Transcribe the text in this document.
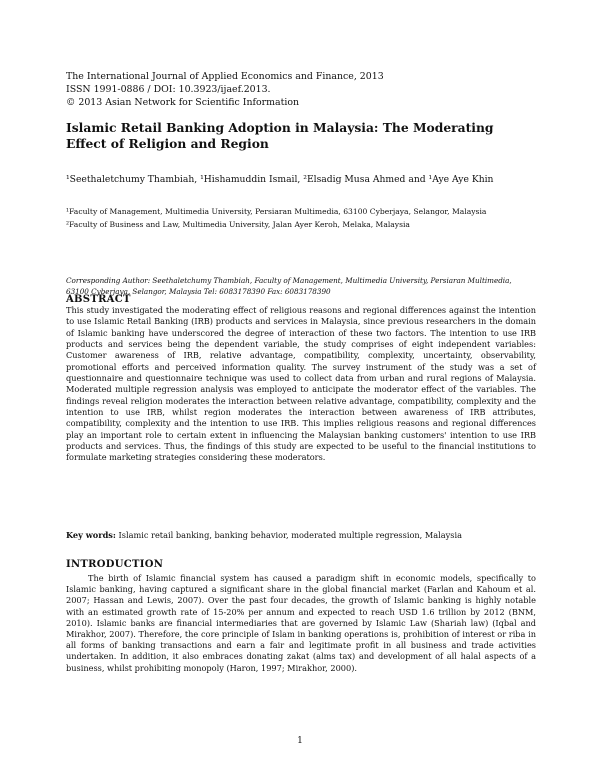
The International Journal of Applied Economics and Finance, 2013
ISSN 1991-0886 / DOI: 10.3923/ijaef.2013.
© 2013 Asian Network for Scientific Information
Islamic Retail Banking Adoption in Malaysia: The Moderating Effect of Religion and Region
¹Seethaletchumy Thambiah, ¹Hishamuddin Ismail, ²Elsadig Musa Ahmed and ¹Aye Aye Khin

¹Faculty of Management, Multimedia University, Persiaran Multimedia, 63100 Cyberjaya, Selangor, Malaysia

²Faculty of Business and Law, Multimedia University, Jalan Ayer Keroh, Melaka, Malaysia

Corresponding Author: Seethaletchumy Thambiah, Faculty of Management, Multimedia University, Persiaran Multimedia, 63100 Cyberjaya, Selangor, Malaysia Tel: 6083178390 Fax: 6083178390
ABSTRACT
This study investigated the moderating effect of religious reasons and regional differences against the intention to use Islamic Retail Banking (IRB) products and services in Malaysia, since previous researchers in the domain of Islamic banking have underscored the degree of interaction of these two factors. The intention to use IRB products and services being the dependent variable, the study comprises of eight independent variables: Customer awareness of IRB, relative advantage, compatibility, complexity, uncertainty, observability, promotional efforts and perceived information quality. The survey instrument of the study was a set of questionnaire and questionnaire technique was used to collect data from urban and rural regions of Malaysia. Moderated multiple regression analysis was employed to anticipate the moderator effect of the variables. The findings reveal religion moderates the interaction between relative advantage, compatibility, complexity and the intention to use IRB, whilst region moderates the interaction between awareness of IRB attributes, compatibility, complexity and the intention to use IRB. This implies religious reasons and regional differences play an important role to certain extent in influencing the Malaysian banking customers' intention to use IRB products and services. Thus, the findings of this study are expected to be useful to the financial institutions to formulate marketing strategies considering these moderators.
Key words: Islamic retail banking, banking behavior, moderated multiple regression, Malaysia
INTRODUCTION
The birth of Islamic financial system has caused a paradigm shift in economic models, specifically to Islamic banking, having captured a significant share in the global financial market (Farlan and Kahoum et al. 2007; Hassan and Lewis, 2007). Over the past four decades, the growth of Islamic banking is highly notable with an estimated growth rate of 15-20% per annum and expected to reach USD 1.6 trillion by 2012 (BNM, 2010). Islamic banks are financial intermediaries that are governed by Islamic Law (Shariah law) (Iqbal and Mirakhor, 2007). Therefore, the core principle of Islam in banking operations is, prohibition of interest or riba in all forms of banking transactions and earn a fair and legitimate profit in all business and trade activities undertaken. In addition, it also embraces donating zakat (alms tax) and development of all halal aspects of a business, whilst prohibiting monopoly (Haron, 1997; Mirakhor, 2000).
1
